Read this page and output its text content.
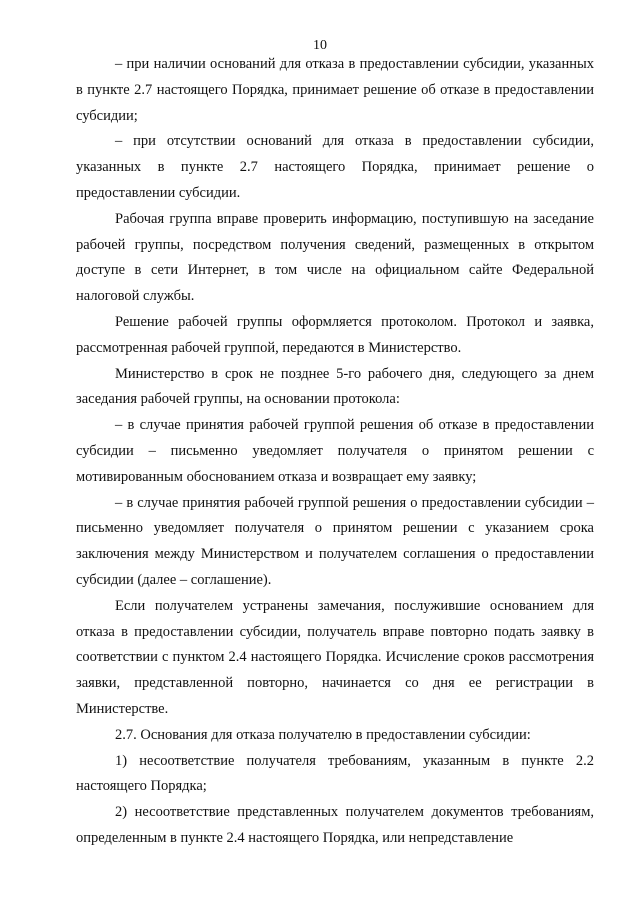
10

– при наличии оснований для отказа в предоставлении субсидии, указанных в пункте 2.7 настоящего Порядка, принимает решение об отказе в предоставлении субсидии;

– при отсутствии оснований для отказа в предоставлении субсидии, указанных в пункте 2.7 настоящего Порядка, принимает решение о предоставлении субсидии.

Рабочая группа вправе проверить информацию, поступившую на заседание рабочей группы, посредством получения сведений, размещенных в открытом доступе в сети Интернет, в том числе на официальном сайте Федеральной налоговой службы.

Решение рабочей группы оформляется протоколом. Протокол и заявка, рассмотренная рабочей группой, передаются в Министерство.

Министерство в срок не позднее 5-го рабочего дня, следующего за днем заседания рабочей группы, на основании протокола:

– в случае принятия рабочей группой решения об отказе в предоставлении субсидии – письменно уведомляет получателя о принятом решении с мотивированным обоснованием отказа и возвращает ему заявку;

– в случае принятия рабочей группой решения о предоставлении субсидии – письменно уведомляет получателя о принятом решении с указанием срока заключения между Министерством и получателем соглашения о предоставлении субсидии (далее – соглашение).

Если получателем устранены замечания, послужившие основанием для отказа в предоставлении субсидии, получатель вправе повторно подать заявку в соответствии с пунктом 2.4 настоящего Порядка. Исчисление сроков рассмотрения заявки, представленной повторно, начинается со дня ее регистрации в Министерстве.

2.7. Основания для отказа получателю в предоставлении субсидии:

1) несоответствие получателя требованиям, указанным в пункте 2.2 настоящего Порядка;

2) несоответствие представленных получателем документов требованиям, определенным в пункте 2.4 настоящего Порядка, или непредставление
